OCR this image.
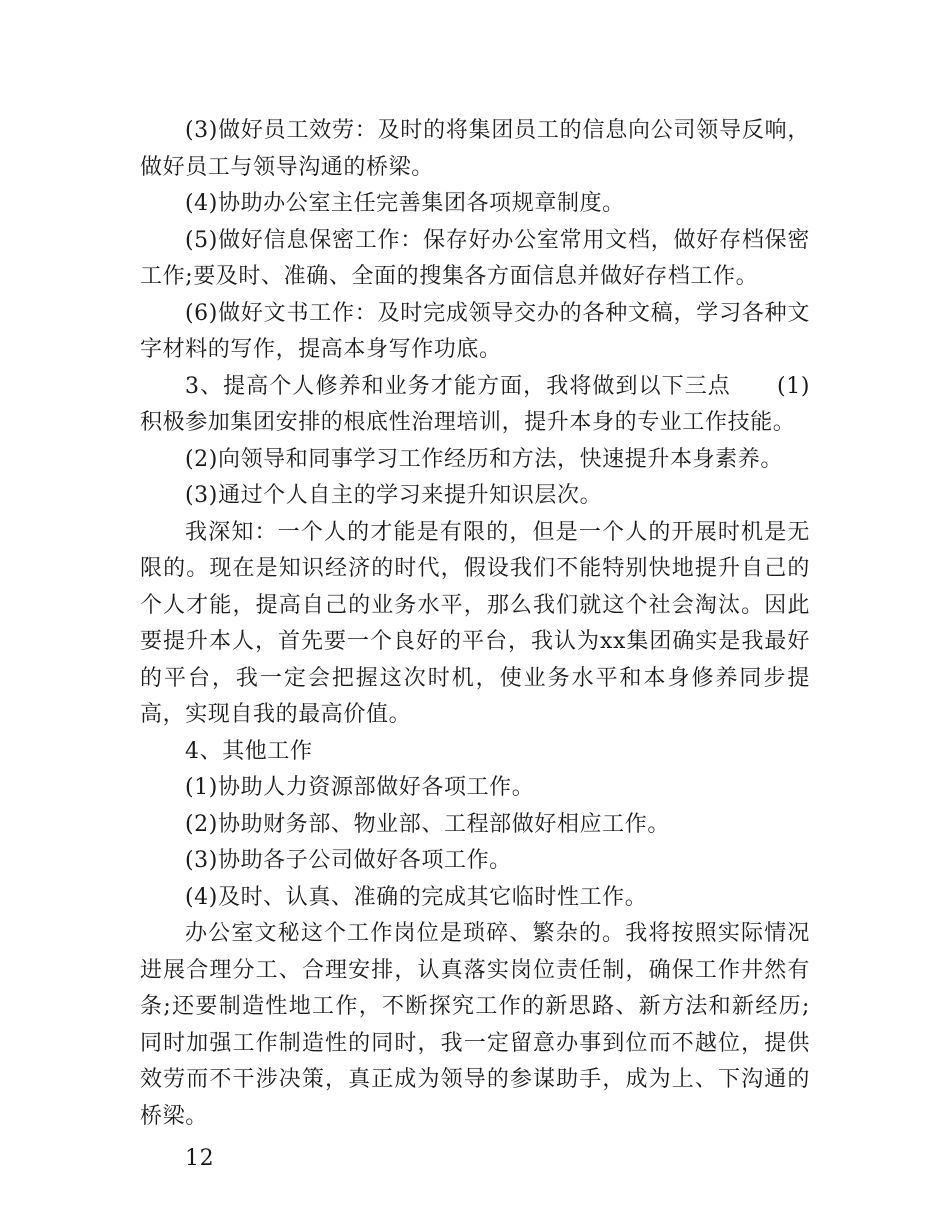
(3)做好员工效劳：及时的将集团员工的信息向公司领导反响，做好员工与领导沟通的桥梁。

(4)协助办公室主任完善集团各项规章制度。

(5)做好信息保密工作：保存好办公室常用文档，做好存档保密工作;要及时、准确、全面的搜集各方面信息并做好存档工作。

(6)做好文书工作：及时完成领导交办的各种文稿，学习各种文字材料的写作，提高本身写作功底。

3、提高个人修养和业务才能方面，我将做到以下三点　　(1)积极参加集团安排的根底性治理培训，提升本身的专业工作技能。

(2)向领导和同事学习工作经历和方法，快速提升本身素养。

(3)通过个人自主的学习来提升知识层次。

我深知：一个人的才能是有限的，但是一个人的开展时机是无限的。现在是知识经济的时代，假设我们不能特别快地提升自己的个人才能，提高自己的业务水平，那么我们就这个社会淘汰。因此要提升本人，首先要一个良好的平台，我认为xx集团确实是我最好的平台，我一定会把握这次时机，使业务水平和本身修养同步提高，实现自我的最高价值。

4、其他工作

(1)协助人力资源部做好各项工作。

(2)协助财务部、物业部、工程部做好相应工作。

(3)协助各子公司做好各项工作。

(4)及时、认真、准确的完成其它临时性工作。

办公室文秘这个工作岗位是琐碎、繁杂的。我将按照实际情况进展合理分工、合理安排，认真落实岗位责任制，确保工作井然有条;还要制造性地工作，不断探究工作的新思路、新方法和新经历;同时加强工作制造性的同时，我一定留意办事到位而不越位，提供效劳而不干涉决策，真正成为领导的参谋助手，成为上、下沟通的桥梁。

12
